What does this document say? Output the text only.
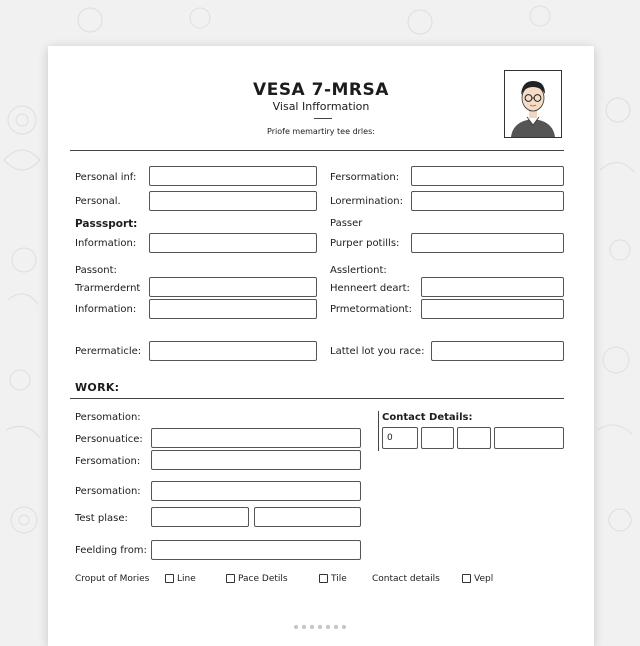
VESA 7-MRSA
Visal Infformation
Priofe memartiry tee drles:
Personal inf:	Fersormation:
Personal.	Lorermination:
Passsport:	Passer
Information:	Purper potills:
Passont:	Asslertiont:
Trarmerdernt	Henneert deart:
Information:	Prmetormationt:
Perermaticle:	Lattel lot you race:
WORK:
Persomation:
Personuatice:
Fersomation:
Persomation:
Test plase:
Feelding from:
Contact Details:
0
Croput of Mories	Line	Pace Detils	Tile	Contact details	Vepl
